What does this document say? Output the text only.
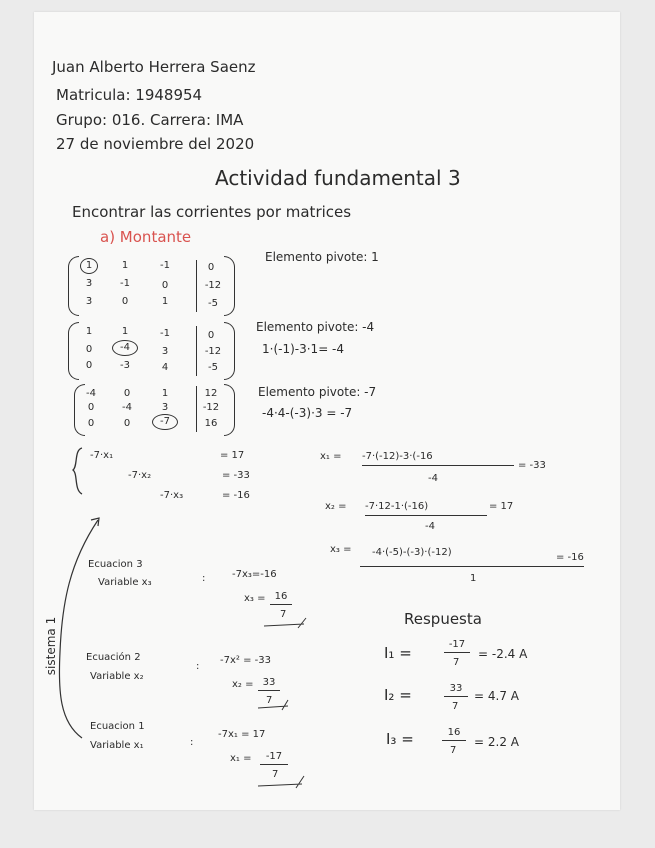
Juan Alberto Herrera Saenz
Matricula: 1948954
Grupo: 016. Carrera: IMA
27 de noviembre del 2020
Actividad fundamental 3
Encontrar las corrientes por matrices
a) Montante
1	1	-1	0
3	-1	0	-12
3	0	1	-5
Elemento pivote: 1
1	1	-1	0
0	-4	3	-12
0	-3	4	-5
Elemento pivote: -4
1·(-1)-3·1= -4
-4	0	1	12
0	-4	3	-12
0	0	-7	16
Elemento pivote: -7
-4·4-(-3)·3 = -7
-7·x₁	= 17
-7·x₂	= -33
-7·x₃	= -16
x₁ = -7·(-12)-3·(-16
= -33
-4
x₂ = -7·12-1·(-16)	= 17
-4
x₃ = -4·(-5)-(-3)·(-12)	= -16
1
sistema 1
Ecuacion 3
Variable x₃	:	-7x₃=-16
x₃ = 16
7
Ecuación 2
Variable x₂
:
-7x² = -33
x₂ = 33
7
Ecuacion 1
Variable x₁	:
-7x₁ = 17
x₁ =	-17
7
Respuesta
I₁ =	-17
7
= -2.4 A
I₂ =	33
7
= 4.7 A
I₃ =	16
7
= 2.2 A
